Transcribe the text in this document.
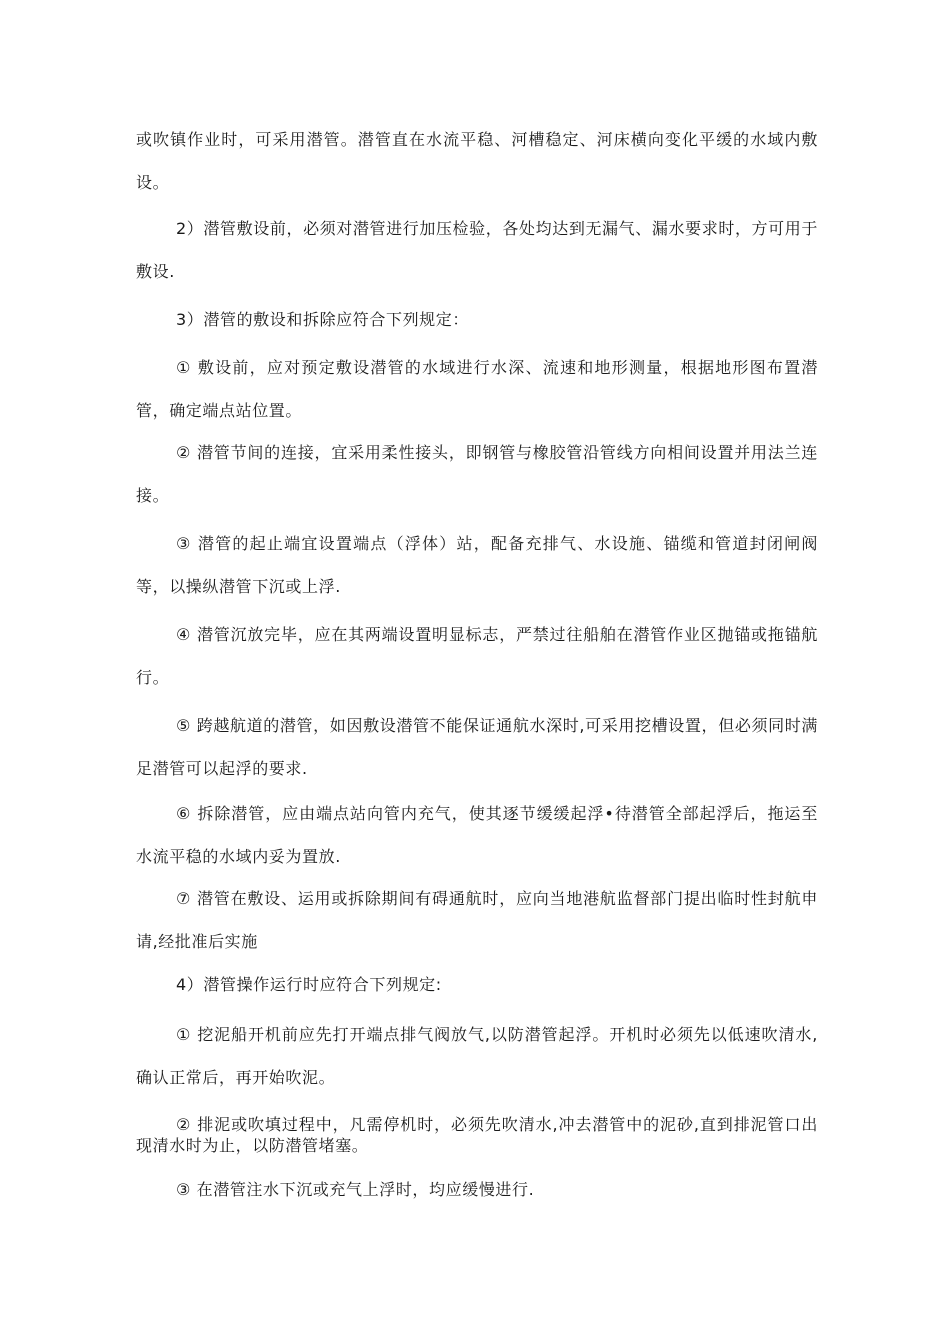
或吹镇作业时，可采用潜管。潜管直在水流平稳、河槽稳定、河床横向变化平缓的水域内敷设。

2）潜管敷设前，必须对潜管进行加压检验，各处均达到无漏气、漏水要求时，方可用于敷设.

3）潜管的敷设和拆除应符合下列规定：

① 敷设前，应对预定敷设潜管的水域进行水深、流速和地形测量，根据地形图布置潜管，确定端点站位置。

② 潜管节间的连接，宜采用柔性接头，即钢管与橡胶管沿管线方向相间设置并用法兰连接。

③ 潜管的起止端宜设置端点（浮体）站，配备充排气、水设施、锚缆和管道封闭闸阀等，以操纵潜管下沉或上浮.

④ 潜管沉放完毕，应在其两端设置明显标志，严禁过往船舶在潜管作业区抛锚或拖锚航行。

⑤ 跨越航道的潜管，如因敷设潜管不能保证通航水深时,可采用挖槽设置，但必须同时满足潜管可以起浮的要求.

⑥ 拆除潜管，应由端点站向管内充气，使其逐节缓缓起浮•待潜管全部起浮后，拖运至水流平稳的水域内妥为置放.

⑦ 潜管在敷设、运用或拆除期间有碍通航时，应向当地港航监督部门提出临时性封航申请,经批准后实施

4）潜管操作运行时应符合下列规定:

① 挖泥船开机前应先打开端点排气阀放气,以防潜管起浮。开机时必须先以低速吹清水,确认正常后，再开始吹泥。

② 排泥或吹填过程中，凡需停机时，必须先吹清水,冲去潜管中的泥砂,直到排泥管口出现清水时为止，以防潜管堵塞。

③ 在潜管注水下沉或充气上浮时，均应缓慢进行.
